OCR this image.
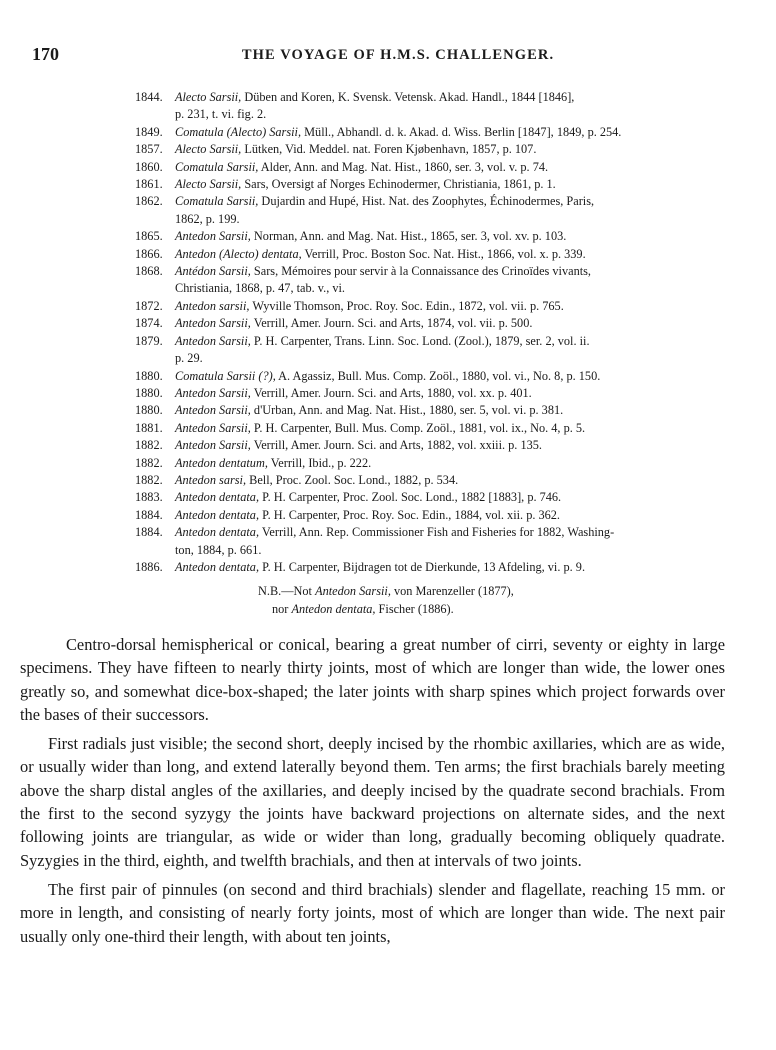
170	THE VOYAGE OF H.M.S. CHALLENGER.

1844. Alecto Sarsii, Düben and Koren, K. Svensk. Vetensk. Akad. Handl., 1844 [1846],
p. 231, t. vi. fig. 2.

1849. Comatula (Alecto) Sarsii, Müll., Abhandl. d. k. Akad. d. Wiss. Berlin [1847], 1849, p. 254.

1857. Alecto Sarsii, Lütken, Vid. Meddel. nat. Foren Kjøbenhavn, 1857, p. 107.

1860. Comatula Sarsii, Alder, Ann. and Mag. Nat. Hist., 1860, ser. 3, vol. v. p. 74.

1861. Alecto Sarsii, Sars, Oversigt af Norges Echinodermer, Christiania, 1861, p. 1.

1862. Comatula Sarsii, Dujardin and Hupé, Hist. Nat. des Zoophytes, Échinodermes, Paris,
1862, p. 199.

1865. Antedon Sarsii, Norman, Ann. and Mag. Nat. Hist., 1865, ser. 3, vol. xv. p. 103.

1866. Antedon (Alecto) dentata, Verrill, Proc. Boston Soc. Nat. Hist., 1866, vol. x. p. 339.

1868. Antédon Sarsii, Sars, Mémoires pour servir à la Connaissance des Crinoïdes vivants,
Christiania, 1868, p. 47, tab. v., vi.

1872. Antedon sarsii, Wyville Thomson, Proc. Roy. Soc. Edin., 1872, vol. vii. p. 765.

1874. Antedon Sarsii, Verrill, Amer. Journ. Sci. and Arts, 1874, vol. vii. p. 500.

1879. Antedon Sarsii, P. H. Carpenter, Trans. Linn. Soc. Lond. (Zool.), 1879, ser. 2, vol. ii.
p. 29.

1880. Comatula Sarsii (?), A. Agassiz, Bull. Mus. Comp. Zoöl., 1880, vol. vi., No. 8, p. 150.

1880. Antedon Sarsii, Verrill, Amer. Journ. Sci. and Arts, 1880, vol. xx. p. 401.

1880. Antedon Sarsii, d'Urban, Ann. and Mag. Nat. Hist., 1880, ser. 5, vol. vi. p. 381.

1881. Antedon Sarsii, P. H. Carpenter, Bull. Mus. Comp. Zoöl., 1881, vol. ix., No. 4, p. 5.

1882. Antedon Sarsii, Verrill, Amer. Journ. Sci. and Arts, 1882, vol. xxiii. p. 135.

1882. Antedon dentatum, Verrill, Ibid., p. 222.

1882. Antedon sarsi, Bell, Proc. Zool. Soc. Lond., 1882, p. 534.

1883. Antedon dentata, P. H. Carpenter, Proc. Zool. Soc. Lond., 1882 [1883], p. 746.

1884. Antedon dentata, P. H. Carpenter, Proc. Roy. Soc. Edin., 1884, vol. xii. p. 362.

1884. Antedon dentata, Verrill, Ann. Rep. Commissioner Fish and Fisheries for 1882, Washing-
ton, 1884, p. 661.

1886. Antedon dentata, P. H. Carpenter, Bijdragen tot de Dierkunde, 13 Afdeling, vi. p. 9.

N.B.—Not Antedon Sarsii, von Marenzeller (1877),
nor Antedon dentata, Fischer (1886).

Centro-dorsal hemispherical or conical, bearing a great number of cirri, seventy or eighty in large specimens. They have fifteen to nearly thirty joints, most of which are longer than wide, the lower ones greatly so, and somewhat dice-box-shaped; the later joints with sharp spines which project forwards over the bases of their successors.

First radials just visible; the second short, deeply incised by the rhombic axillaries, which are as wide, or usually wider than long, and extend laterally beyond them. Ten arms; the first brachials barely meeting above the sharp distal angles of the axillaries, and deeply incised by the quadrate second brachials. From the first to the second syzygy the joints have backward projections on alternate sides, and the next following joints are triangular, as wide or wider than long, gradually becoming obliquely quadrate. Syzygies in the third, eighth, and twelfth brachials, and then at intervals of two joints.

The first pair of pinnules (on second and third brachials) slender and flagellate, reaching 15 mm. or more in length, and consisting of nearly forty joints, most of which are longer than wide. The next pair usually only one-third their length, with about ten joints,
